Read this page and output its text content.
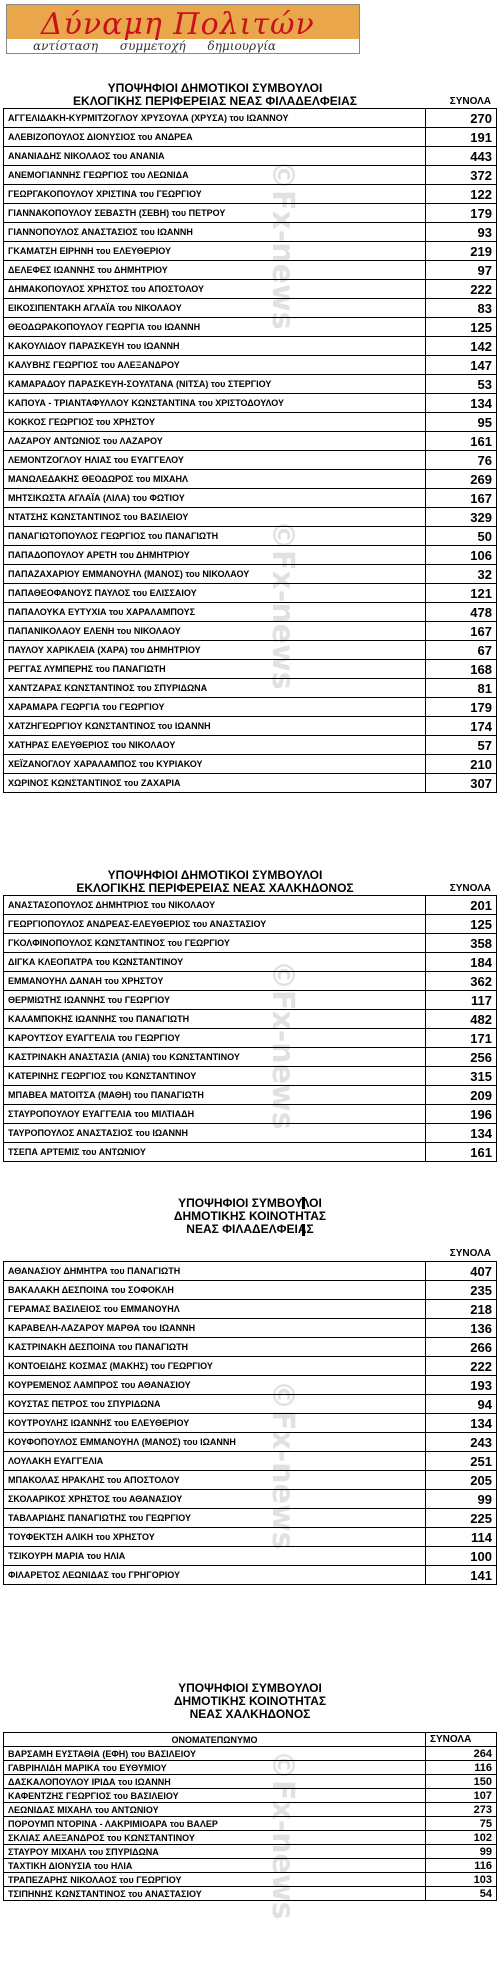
Δύναμη Πολιτών
αντίσταση συμμετοχή δημιουργία
©Fx-news
©Fx-news
©Fx-news
©Fx-news
©Fx-news
ΥΠΟΨΗΦΙΟΙ ΔΗΜΟΤΙΚΟΙ ΣΥΜΒΟΥΛΟΙ
ΕΚΛΟΓΙΚΗΣ ΠΕΡΙΦΕΡΕΙΑΣ ΝΕΑΣ ΦΙΛΑΔΕΛΦΕΙΑΣ	ΣΥΝΟΛΑ
ΑΓΓΕΛΙΔΑΚΗ-ΚΥΡΜΙΤΖΟΓΛΟΥ ΧΡΥΣΟΥΛΑ (ΧΡΥΣΑ) του ΙΩΑΝΝΟΥ	270
ΑΛΕΒΙΖΟΠΟΥΛΟΣ ΔΙΟΝΥΣΙΟΣ του ΑΝΔΡΕΑ	191
ΑΝΑΝΙΑΔΗΣ ΝΙΚΟΛΑΟΣ του ΑΝΑΝΙΑ	443
ΑΝΕΜΟΓΙΑΝΝΗΣ ΓΕΩΡΓΙΟΣ του ΛΕΩΝΙΔΑ	372
ΓΕΩΡΓΑΚΟΠΟΥΛΟΥ ΧΡΙΣΤΙΝΑ του ΓΕΩΡΓΙΟΥ	122
ΓΙΑΝΝΑΚΟΠΟΥΛΟΥ ΣΕΒΑΣΤΗ (ΣΕΒΗ) του ΠΕΤΡΟΥ	179
ΓΙΑΝΝΟΠΟΥΛΟΣ ΑΝΑΣΤΑΣΙΟΣ του ΙΩΑΝΝΗ	93
ΓΚΑΜΑΤΣΗ ΕΙΡΗΝΗ του ΕΛΕΥΘΕΡΙΟΥ	219
ΔΕΛΕΦΕΣ ΙΩΑΝΝΗΣ του ΔΗΜΗΤΡΙΟΥ	97
ΔΗΜΑΚΟΠΟΥΛΟΣ ΧΡΗΣΤΟΣ του ΑΠΟΣΤΟΛΟΥ	222
ΕΙΚΟΣΙΠΕΝΤΑΚΗ ΑΓΛΑΪΑ του ΝΙΚΟΛΑΟΥ	83
ΘΕΟΔΩΡΑΚΟΠΟΥΛΟΥ ΓΕΩΡΓΙΑ του ΙΩΑΝΝΗ	125
ΚΑΚΟΥΛΙΔΟΥ ΠΑΡΑΣΚΕΥΗ του ΙΩΑΝΝΗ	142
ΚΑΛΥΒΗΣ ΓΕΩΡΓΙΟΣ του ΑΛΕΞΑΝΔΡΟΥ	147
ΚΑΜΑΡΑΔΟΥ ΠΑΡΑΣΚΕΥΗ-ΣΟΥΛΤΑΝΑ (ΝΙΤΣΑ) του ΣΤΕΡΓΙΟΥ	53
ΚΑΠΟΥΑ - ΤΡΙΑΝΤΑΦΥΛΛΟΥ ΚΩΝΣΤΑΝΤΙΝΑ του ΧΡΙΣΤΟΔΟΥΛΟΥ	134
ΚΟΚΚΟΣ ΓΕΩΡΓΙΟΣ του ΧΡΗΣΤΟΥ	95
ΛΑΖΑΡΟΥ ΑΝΤΩΝΙΟΣ του ΛΑΖΑΡΟΥ	161
ΛΕΜΟΝΤΖΟΓΛΟΥ ΗΛΙΑΣ του ΕΥΑΓΓΕΛΟΥ	76
ΜΑΝΩΛΕΔΑΚΗΣ ΘΕΟΔΩΡΟΣ του ΜΙΧΑΗΛ	269
ΜΗΤΣΙΚΩΣΤΑ ΑΓΛΑΪΑ (ΛΙΛΑ) του ΦΩΤΙΟΥ	167
ΝΤΑΤΣΗΣ ΚΩΝΣΤΑΝΤΙΝΟΣ του ΒΑΣΙΛΕΙΟΥ	329
ΠΑΝΑΓΙΩΤΟΠΟΥΛΟΣ ΓΕΩΡΓΙΟΣ του ΠΑΝΑΓΙΩΤΗ	50
ΠΑΠΑΔΟΠΟΥΛΟΥ ΑΡΕΤΗ του ΔΗΜΗΤΡΙΟΥ	106
ΠΑΠΑΖΑΧΑΡΙΟΥ ΕΜΜΑΝΟΥΗΛ (ΜΑΝΟΣ) του ΝΙΚΟΛΑΟΥ	32
ΠΑΠΑΘΕΟΦΑΝΟΥΣ ΠΑΥΛΟΣ του ΕΛΙΣΣΑΙΟΥ	121
ΠΑΠΑΛΟΥΚΑ ΕΥΤΥΧΙΑ του ΧΑΡΑΛΑΜΠΟΥΣ	478
ΠΑΠΑΝΙΚΟΛΑΟΥ ΕΛΕΝΗ του ΝΙΚΟΛΑΟΥ	167
ΠΑΥΛΟΥ ΧΑΡΙΚΛΕΙΑ (ΧΑΡΑ) του ΔΗΜΗΤΡΙΟΥ	67
ΡΕΓΓΑΣ ΛΥΜΠΕΡΗΣ του ΠΑΝΑΓΙΩΤΗ	168
ΧΑΝΤΖΑΡΑΣ ΚΩΝΣΤΑΝΤΙΝΟΣ του ΣΠΥΡΙΔΩΝΑ	81
ΧΑΡΑΜΑΡΑ ΓΕΩΡΓΙΑ του ΓΕΩΡΓΙΟΥ	179
ΧΑΤΖΗΓΕΩΡΓΙΟΥ ΚΩΝΣΤΑΝΤΙΝΟΣ του ΙΩΑΝΝΗ	174
ΧΑΤΗΡΑΣ ΕΛΕΥΘΕΡΙΟΣ του ΝΙΚΟΛΑΟΥ	57
ΧΕΪΖΑΝΟΓΛΟΥ ΧΑΡΑΛΑΜΠΟΣ του ΚΥΡΙΑΚΟΥ	210
ΧΩΡΙΝΟΣ ΚΩΝΣΤΑΝΤΙΝΟΣ του ΖΑΧΑΡΙΑ	307
ΥΠΟΨΗΦΙΟΙ ΔΗΜΟΤΙΚΟΙ ΣΥΜΒΟΥΛΟΙ
ΕΚΛΟΓΙΚΗΣ ΠΕΡΙΦΕΡΕΙΑΣ ΝΕΑΣ ΧΑΛΚΗΔΟΝΟΣ	ΣΥΝΟΛΑ
ΑΝΑΣΤΑΣΟΠΟΥΛΟΣ ΔΗΜΗΤΡΙΟΣ του ΝΙΚΟΛΑΟΥ	201
ΓΕΩΡΓΙΟΠΟΥΛΟΣ ΑΝΔΡΕΑΣ-ΕΛΕΥΘΕΡΙΟΣ του ΑΝΑΣΤΑΣΙΟΥ	125
ΓΚΟΛΦΙΝΟΠΟΥΛΟΣ ΚΩΝΣΤΑΝΤΙΝΟΣ του ΓΕΩΡΓΙΟΥ	358
ΔΙΓΚΑ ΚΛΕΟΠΑΤΡΑ του ΚΩΝΣΤΑΝΤΙΝΟΥ	184
ΕΜΜΑΝΟΥΗΛ ΔΑΝΑΗ του ΧΡΗΣΤΟΥ	362
ΘΕΡΜΙΩΤΗΣ ΙΩΑΝΝΗΣ του ΓΕΩΡΓΙΟΥ	117
ΚΑΛΑΜΠΟΚΗΣ ΙΩΑΝΝΗΣ του ΠΑΝΑΓΙΩΤΗ	482
ΚΑΡΟΥΤΣΟΥ ΕΥΑΓΓΕΛΙΑ του ΓΕΩΡΓΙΟΥ	171
ΚΑΣΤΡΙΝΑΚΗ ΑΝΑΣΤΑΣΙΑ (ΑΝΙΑ) του ΚΩΝΣΤΑΝΤΙΝΟΥ	256
ΚΑΤΕΡΙΝΗΣ ΓΕΩΡΓΙΟΣ του ΚΩΝΣΤΑΝΤΙΝΟΥ	315
ΜΠΑΒΕΑ ΜΑΤΟΙΤΣΑ (ΜΑΘΗ) του ΠΑΝΑΓΙΩΤΗ	209
ΣΤΑΥΡΟΠΟΥΛΟΥ ΕΥΑΓΓΕΛΙΑ του ΜΙΛΤΙΑΔΗ	196
ΤΑΥΡΟΠΟΥΛΟΣ ΑΝΑΣΤΑΣΙΟΣ του ΙΩΑΝΝΗ	134
ΤΣΕΠΑ ΑΡΤΕΜΙΣ του ΑΝΤΩΝΙΟΥ	161
ΥΠΟΨΗΦΙΟΙ ΣΥΜΒΟΥΛΟΙ
ΔΗΜΟΤΙΚΗΣ ΚΟΙΝΟΤΗΤΑΣ
ΝΕΑΣ ΦΙΛΑΔΕΛΦΕΙΑΣ
ΣΥΝΟΛΑ
ΑΘΑΝΑΣΙΟΥ ΔΗΜΗΤΡΑ του ΠΑΝΑΓΙΩΤΗ	407
ΒΑΚΑΛΑΚΗ ΔΕΣΠΟΙΝΑ του ΣΟΦΟΚΛΗ	235
ΓΕΡΑΜΑΣ ΒΑΣΙΛΕΙΟΣ του ΕΜΜΑΝΟΥΗΛ	218
ΚΑΡΑΒΕΛΗ-ΛΑΖΑΡΟΥ ΜΑΡΘΑ του ΙΩΑΝΝΗ	136
ΚΑΣΤΡΙΝΑΚΗ ΔΕΣΠΟΙΝΑ του ΠΑΝΑΓΙΩΤΗ	266
ΚΟΝΤΟΕΙΔΗΣ ΚΟΣΜΑΣ (ΜΑΚΗΣ) του ΓΕΩΡΓΙΟΥ	222
ΚΟΥΡΕΜΕΝΟΣ ΛΑΜΠΡΟΣ του ΑΘΑΝΑΣΙΟΥ	193
ΚΟΥΣΤΑΣ ΠΕΤΡΟΣ του ΣΠΥΡΙΔΩΝΑ	94
ΚΟΥΤΡΟΥΛΗΣ ΙΩΑΝΝΗΣ του ΕΛΕΥΘΕΡΙΟΥ	134
ΚΟΥΦΟΠΟΥΛΟΣ ΕΜΜΑΝΟΥΗΛ (ΜΑΝΟΣ) του ΙΩΑΝΝΗ	243
ΛΟΥΛΑΚΗ ΕΥΑΓΓΕΛΙΑ	251
ΜΠΑΚΟΛΑΣ ΗΡΑΚΛΗΣ του ΑΠΟΣΤΟΛΟΥ	205
ΣΚΟΛΑΡΙΚΟΣ ΧΡΗΣΤΟΣ του ΑΘΑΝΑΣΙΟΥ	99
ΤΑΒΛΑΡΙΔΗΣ ΠΑΝΑΓΙΩΤΗΣ του ΓΕΩΡΓΙΟΥ	225
ΤΟΥΦΕΚΤΣΗ ΑΛΙΚΗ του ΧΡΗΣΤΟΥ	114
ΤΣΙΚΟΥΡΗ ΜΑΡΙΑ του ΗΛΙΑ	100
ΦΙΛΑΡΕΤΟΣ ΛΕΩΝΙΔΑΣ του ΓΡΗΓΟΡΙΟΥ	141
ΥΠΟΨΗΦΙΟΙ ΣΥΜΒΟΥΛΟΙ
ΔΗΜΟΤΙΚΗΣ ΚΟΙΝΟΤΗΤΑΣ
ΝΕΑΣ ΧΑΛΚΗΔΟΝΟΣ
ΟΝΟΜΑΤΕΠΩΝΥΜΟ	ΣΥΝΟΛΑ
ΒΑΡΣΑΜΗ ΕΥΣΤΑΘΙΑ (ΕΦΗ) του ΒΑΣΙΛΕΙΟΥ	264
ΓΑΒΡΙΗΛΙΔΗ ΜΑΡΙΚΑ του ΕΥΘΥΜΙΟΥ	116
ΔΑΣΚΑΛΟΠΟΥΛΟΥ ΙΡΙΔΑ του ΙΩΑΝΝΗ	150
ΚΑΦΕΝΤΖΗΣ ΓΕΩΡΓΙΟΣ του ΒΑΣΙΛΕΙΟΥ	107
ΛΕΩΝΙΔΑΣ ΜΙΧΑΗΛ του ΑΝΤΩΝΙΟΥ	273
ΠΟΡΟΥΜΠ ΝΤΟΡΙΝΑ - ΛΑΚΡΙΜΙΟΑΡΑ του ΒΑΛΕΡ	75
ΣΚΛΙΑΣ ΑΛΕΞΑΝΔΡΟΣ του ΚΩΝΣΤΑΝΤΙΝΟΥ	102
ΣΤΑΥΡΟΥ ΜΙΧΑΗΛ του ΣΠΥΡΙΔΩΝΑ	99
ΤΑΧΤΙΚΗ ΔΙΟΝΥΣΙΑ του ΗΛΙΑ	116
ΤΡΑΠΕΖΑΡΗΣ ΝΙΚΟΛΑΟΣ του ΓΕΩΡΓΙΟΥ	103
ΤΣΙΠΗΝΗΣ ΚΩΝΣΤΑΝΤΙΝΟΣ του ΑΝΑΣΤΑΣΙΟΥ	54
